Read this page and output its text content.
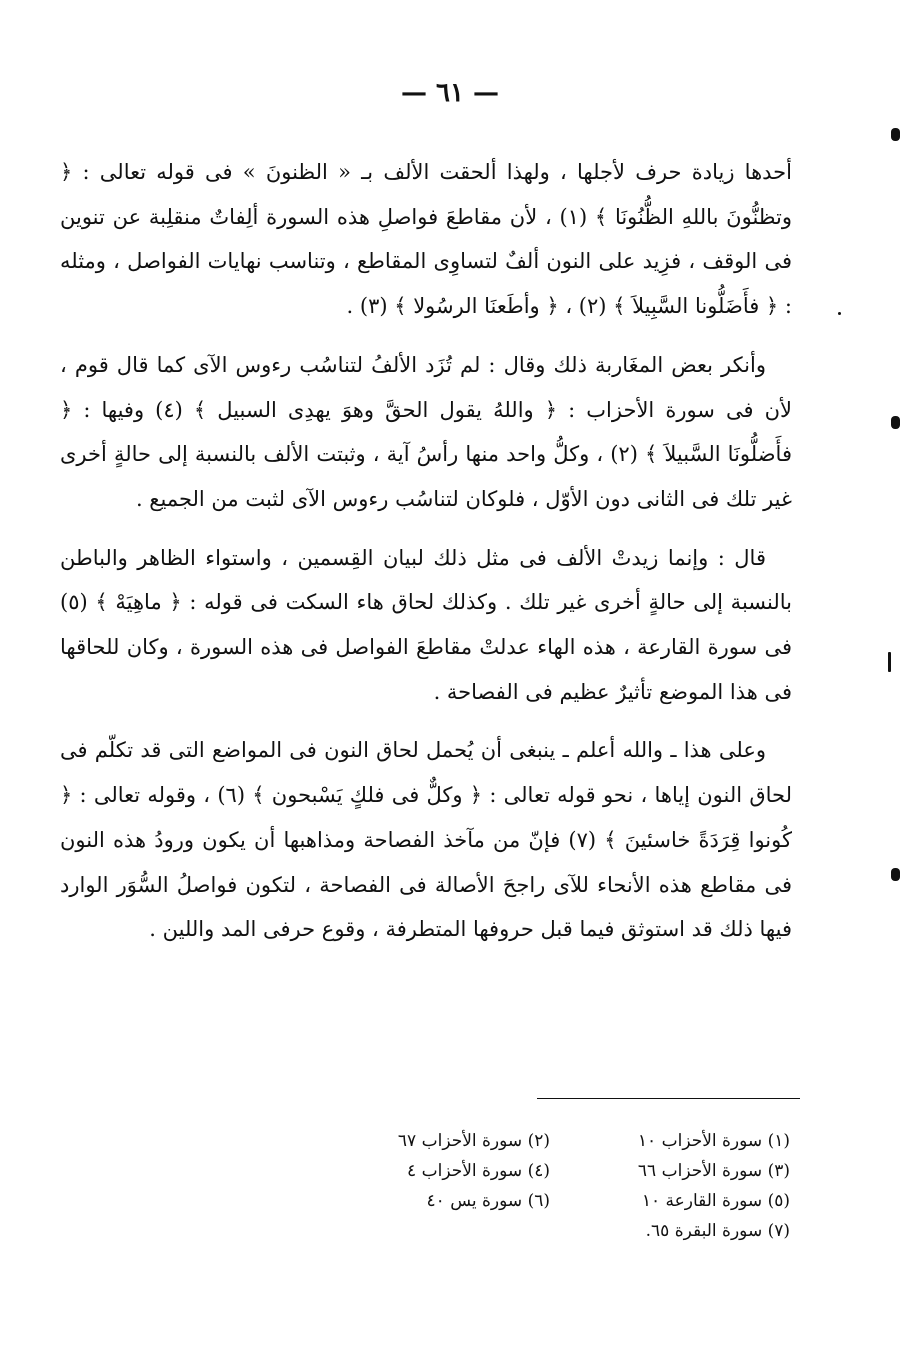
— ٦١ —

أحدها زيادة حرف لأجلها ، ولهذا ألحقت الألف بـ « الظنونَ » فى قوله تعالى : ﴿ وتظنُّونَ باللهِ الظُّنُونَا ﴾ (١) ، لأن مقاطعَ فواصلِ هذه السورة ألِفاتٌ منقلِبة عن تنوين فى الوقف ، فزِيد على النون ألفٌ لتساوِى المقاطع ، وتناسب نهايات الفواصل ، ومثله : ﴿ فأَضَلُّونا السَّبِيلاَ ﴾ (٢) ، ﴿ وأطَعنَا الرسُولا ﴾ (٣) .

وأنكر بعض المغَاربة ذلك وقال : لم تُزَد الألفُ لتناسُب رءوس الآى كما قال قوم ، لأن فى سورة الأحزاب : ﴿ واللهُ يقول الحقَّ وهوَ يهدِى السبيل ﴾ (٤) وفيها : ﴿ فأَضلُّونَا السَّبيلاَ ﴾ (٢) ، وكلُّ واحد منها رأسُ آية ، وثبتت الألف بالنسبة إلى حالةٍ أخرى غير تلك فى الثانى دون الأوّل ، فلوكان لتناسُب رءوس الآى لثبت من الجميع .

قال : وإنما زيدتْ الألف فى مثل ذلك لبيان القِسمين ، واستواء الظاهر والباطن بالنسبة إلى حالةٍ أخرى غير تلك . وكذلك لحاق هاء السكت فى قوله : ﴿ ماهِيَهْ ﴾ (٥) فى سورة القارعة ، هذه الهاء عدلتْ مقاطعَ الفواصل فى هذه السورة ، وكان للحاقها فى هذا الموضع تأثيرٌ عظيم فى الفصاحة .

وعلى هذا ـ والله أعلم ـ ينبغى أن يُحمل لحاق النون فى المواضع التى قد تكلّم فى لحاق النون إياها ، نحو قوله تعالى : ﴿ وكلٌّ فى فلكٍ يَسْبحون ﴾ (٦) ، وقوله تعالى : ﴿ كُونوا قِرَدَةً خاسئينَ ﴾ (٧) فإنّ من مآخذ الفصاحة ومذاهبها أن يكون ورودُ هذه النون فى مقاطع هذه الأنحاء للآى راجحَ الأصالة فى الفصاحة ، لتكون فواصلُ السُّوَر الوارد فيها ذلك قد استوثق فيما قبل حروفها المتطرفة ، وقوع حرفى المد واللين .

(١) سورة الأحزاب ١٠
(٢) سورة الأحزاب ٦٧
(٣) سورة الأحزاب ٦٦
(٤) سورة الأحزاب ٤
(٥) سورة القارعة ١٠
(٦) سورة يس ٤٠
(٧) سورة البقرة ٦٥.
